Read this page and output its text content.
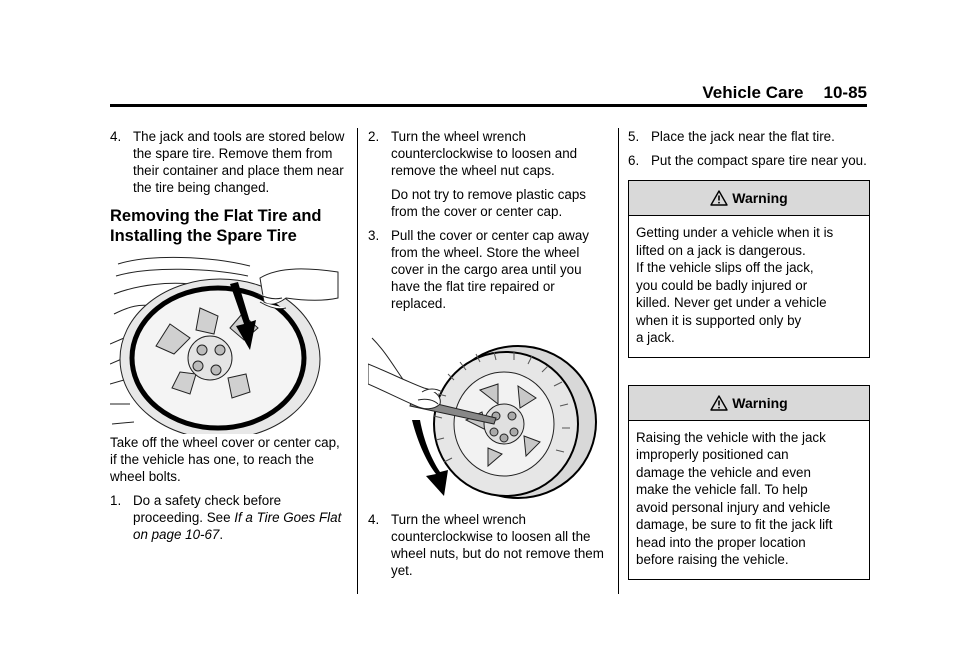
Vehicle Care 10-85
4. The jack and tools are stored below the spare tire. Remove them from their container and place them near the tire being changed.
Removing the Flat Tire and Installing the Spare Tire

Take off the wheel cover or center cap, if the vehicle has one, to reach the wheel bolts.

1. Do a safety check before proceeding. See If a Tire Goes Flat on page 10-67.
2. Turn the wheel wrench counterclockwise to loosen and remove the wheel nut caps.
Do not try to remove plastic caps from the cover or center cap.
3. Pull the cover or center cap away from the wheel. Store the wheel cover in the cargo area until you have the flat tire repaired or replaced.
4. Turn the wheel wrench counterclockwise to loosen all the wheel nuts, but do not remove them yet.
5. Place the jack near the flat tire.
6. Put the compact spare tire near you.
Warning
Getting under a vehicle when it is
lifted on a jack is dangerous.
If the vehicle slips off the jack,
you could be badly injured or
killed. Never get under a vehicle
when it is supported only by
a jack.
Warning
Raising the vehicle with the jack
improperly positioned can
damage the vehicle and even
make the vehicle fall. To help
avoid personal injury and vehicle
damage, be sure to fit the jack lift
head into the proper location
before raising the vehicle.
